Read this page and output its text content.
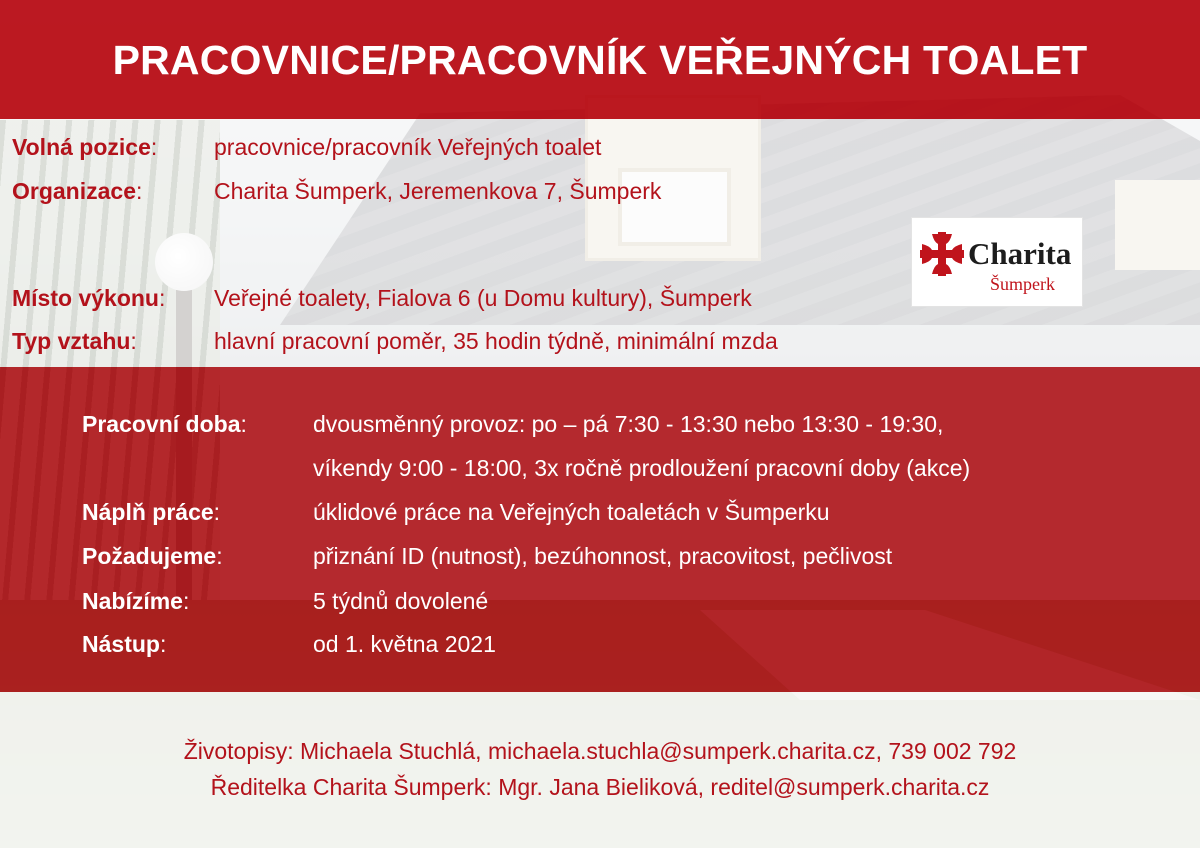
PRACOVNICE/PRACOVNÍK VEŘEJNÝCH TOALET
Volná pozice: pracovnice/pracovník Veřejných toalet
Organizace:	Charita Šumperk, Jeremenkova 7, Šumperk
Místo výkonu: Veřejné toalety, Fialova 6 (u Domu kultury), Šumperk
Typ vztahu:	hlavní pracovní poměr, 35 hodin týdně, minimální mzda
Charita
Šumperk
Pracovní doba:	dvousměnný provoz: po – pá 7:30 - 13:30 nebo 13:30 - 19:30,
víkendy 9:00 - 18:00, 3x ročně prodloužení pracovní doby (akce)
Náplň práce:	úklidové práce na Veřejných toaletách v Šumperku
Požadujeme:	přiznání ID (nutnost), bezúhonnost, pracovitost, pečlivost
Nabízíme:	5 týdnů dovolené
Nástup:	od 1. května 2021
Životopisy: Michaela Stuchlá, michaela.stuchla@sumperk.charita.cz, 739 002 792
Ředitelka Charita Šumperk: Mgr. Jana Bieliková, reditel@sumperk.charita.cz
